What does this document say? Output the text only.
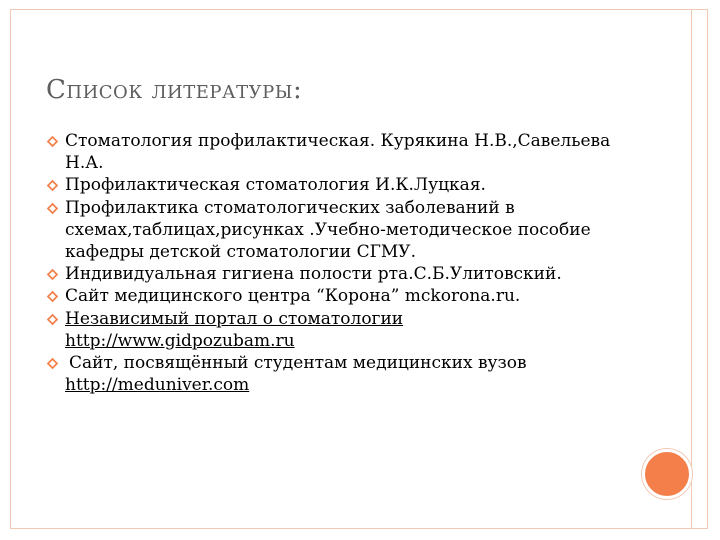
Список литературы:
Стоматология профилактическая. Курякина Н.В.,Савельева Н.А.
Профилактическая стоматология И.К.Луцкая.
Профилактика стоматологических заболеваний в схемах,таблицах,рисунках .Учебно-методическое пособие кафедры детской стоматологии СГМУ.
Индивидуальная гигиена полости рта.С.Б.Улитовский.
Сайт медицинского центра “Корона” mckorona.ru.
Независимый портал о стоматологии http://www.gidpozubam.ru
Сайт, посвящённый студентам медицинских вузов http://meduniver.com
